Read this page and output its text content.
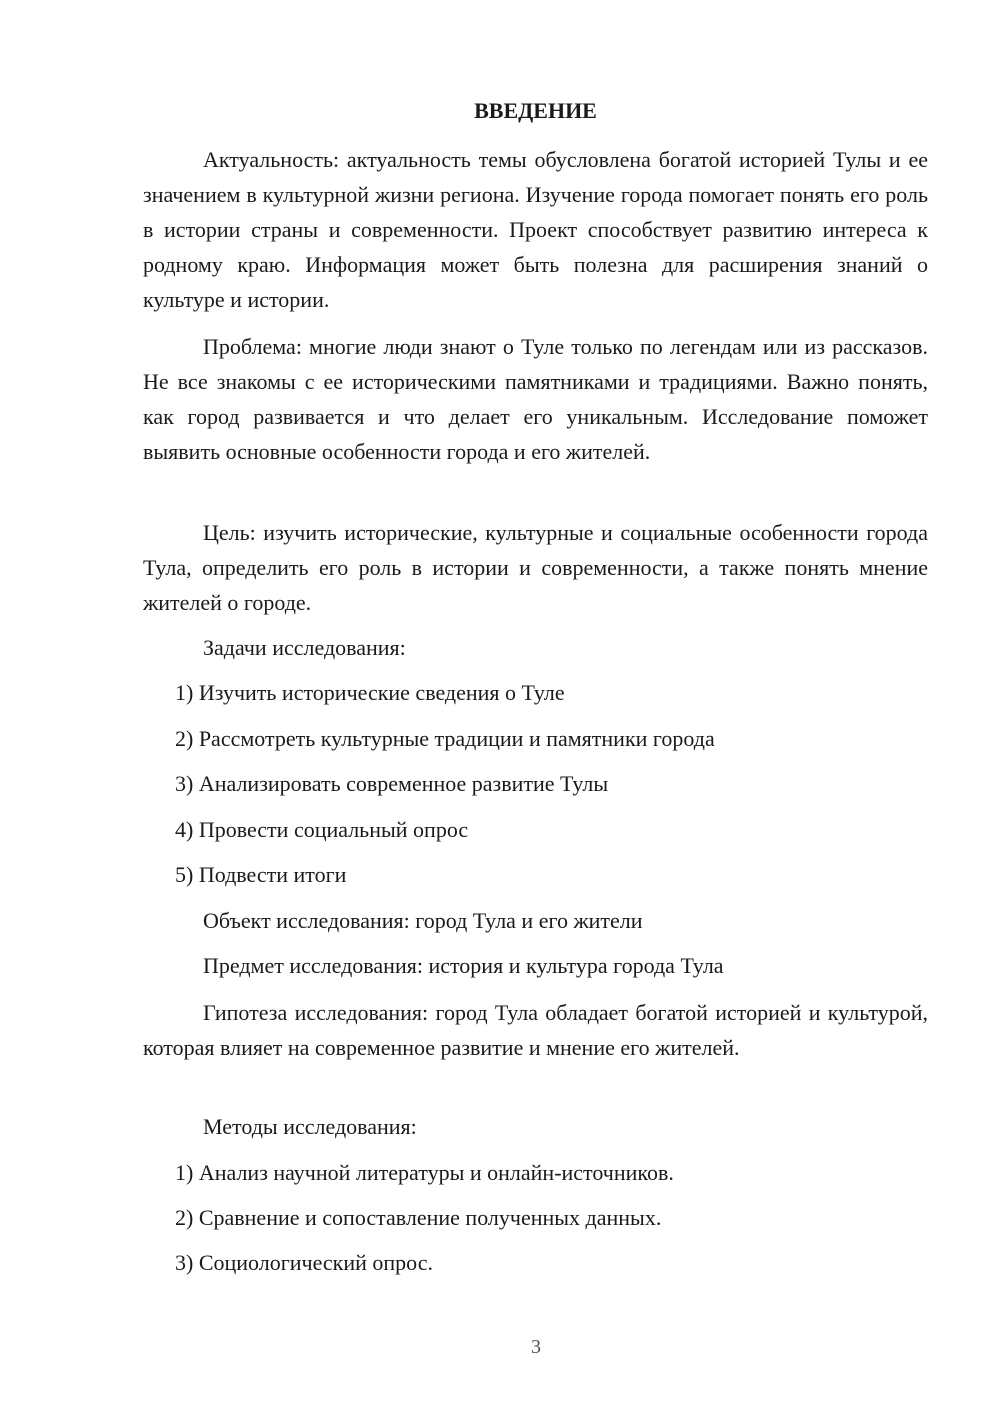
ВВЕДЕНИЕ

Актуальность: актуальность темы обусловлена богатой историей Тулы и ее значением в культурной жизни региона. Изучение города помогает понять его роль в истории страны и современности. Проект способствует развитию интереса к родному краю. Информация может быть полезна для расширения знаний о культуре и истории.

Проблема: многие люди знают о Туле только по легендам или из рассказов. Не все знакомы с ее историческими памятниками и традициями. Важно понять, как город развивается и что делает его уникальным. Исследование поможет выявить основные особенности города и его жителей.

Цель: изучить исторические, культурные и социальные особенности города Тула, определить его роль в истории и современности, а также понять мнение жителей о городе.

Задачи исследования:

1) Изучить исторические сведения о Туле

2) Рассмотреть культурные традиции и памятники города

3) Анализировать современное развитие Тулы

4) Провести социальный опрос

5) Подвести итоги

Объект исследования: город Тула и его жители

Предмет исследования: история и культура города Тула

Гипотеза исследования: город Тула обладает богатой историей и культурой, которая влияет на современное развитие и мнение его жителей.

Методы исследования:

1) Анализ научной литературы и онлайн-источников.

2) Сравнение и сопоставление полученных данных.

3) Социологический опрос.

3
